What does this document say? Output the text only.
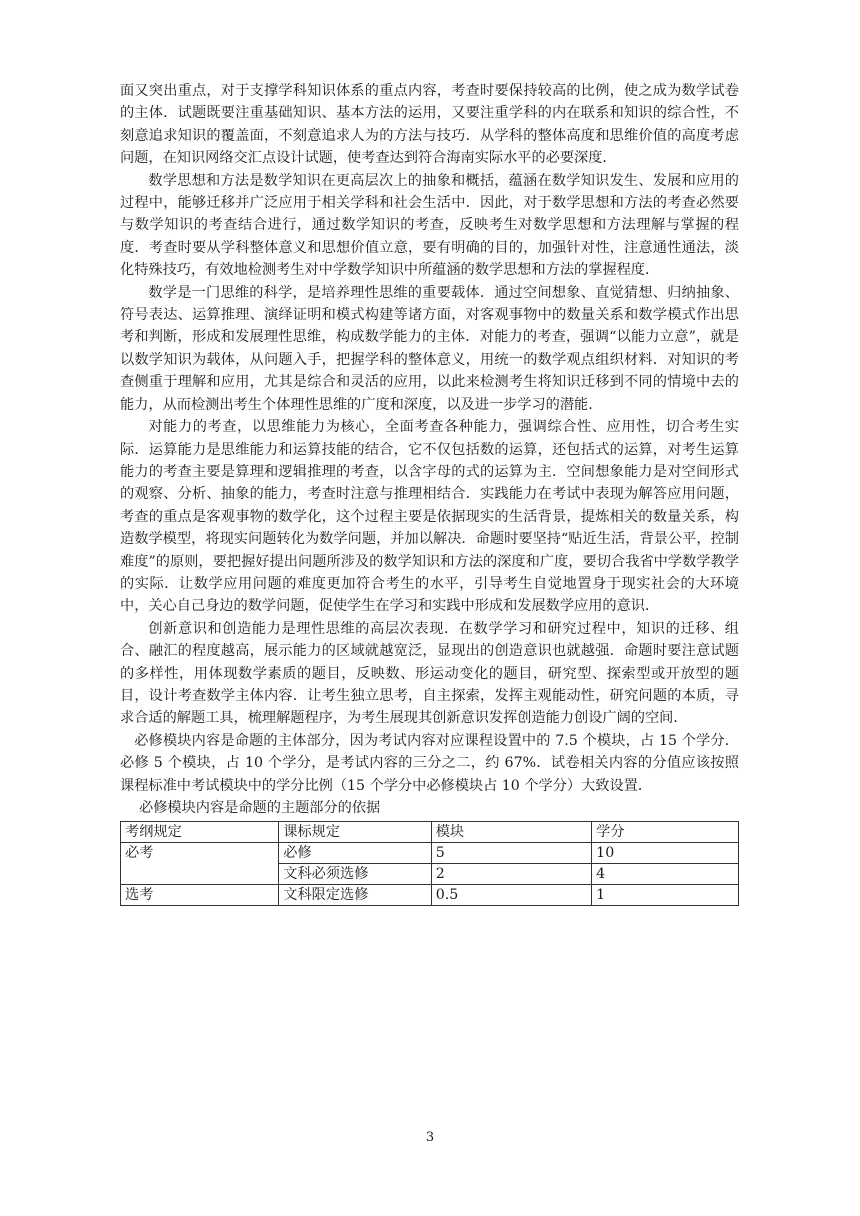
面又突出重点，对于支撑学科知识体系的重点内容，考查时要保持较高的比例，使之成为数学试卷的主体．试题既要注重基础知识、基本方法的运用，又要注重学科的内在联系和知识的综合性，不刻意追求知识的覆盖面，不刻意追求人为的方法与技巧．从学科的整体高度和思维价值的高度考虑问题，在知识网络交汇点设计试题，使考查达到符合海南实际水平的必要深度．

数学思想和方法是数学知识在更高层次上的抽象和概括，蕴涵在数学知识发生、发展和应用的过程中，能够迁移并广泛应用于相关学科和社会生活中．因此，对于数学思想和方法的考查必然要与数学知识的考查结合进行，通过数学知识的考查，反映考生对数学思想和方法理解与掌握的程度．考查时要从学科整体意义和思想价值立意，要有明确的目的，加强针对性，注意通性通法，淡化特殊技巧，有效地检测考生对中学数学知识中所蕴涵的数学思想和方法的掌握程度．

数学是一门思维的科学，是培养理性思维的重要载体．通过空间想象、直觉猜想、归纳抽象、符号表达、运算推理、演绎证明和模式构建等诸方面，对客观事物中的数量关系和数学模式作出思考和判断，形成和发展理性思维，构成数学能力的主体．对能力的考查，强调“以能力立意”，就是以数学知识为载体，从问题入手，把握学科的整体意义，用统一的数学观点组织材料．对知识的考查侧重于理解和应用，尤其是综合和灵活的应用，以此来检测考生将知识迁移到不同的情境中去的能力，从而检测出考生个体理性思维的广度和深度，以及进一步学习的潜能．

对能力的考查，以思维能力为核心，全面考查各种能力，强调综合性、应用性，切合考生实际．运算能力是思维能力和运算技能的结合，它不仅包括数的运算，还包括式的运算，对考生运算能力的考查主要是算理和逻辑推理的考查，以含字母的式的运算为主．空间想象能力是对空间形式的观察、分析、抽象的能力，考查时注意与推理相结合．实践能力在考试中表现为解答应用问题，考查的重点是客观事物的数学化，这个过程主要是依据现实的生活背景，提炼相关的数量关系，构造数学模型，将现实问题转化为数学问题，并加以解决．命题时要坚持“贴近生活，背景公平，控制难度”的原则，要把握好提出问题所涉及的数学知识和方法的深度和广度，要切合我省中学数学教学的实际．让数学应用问题的难度更加符合考生的水平，引导考生自觉地置身于现实社会的大环境中，关心自己身边的数学问题，促使学生在学习和实践中形成和发展数学应用的意识．

创新意识和创造能力是理性思维的高层次表现．在数学学习和研究过程中，知识的迁移、组合、融汇的程度越高，展示能力的区域就越宽泛，显现出的创造意识也就越强．命题时要注意试题的多样性，用体现数学素质的题目，反映数、形运动变化的题目，研究型、探索型或开放型的题目，设计考查数学主体内容．让考生独立思考，自主探索，发挥主观能动性，研究问题的本质，寻求合适的解题工具，梳理解题程序，为考生展现其创新意识发挥创造能力创设广阔的空间．

必修模块内容是命题的主体部分，因为考试内容对应课程设置中的 7.5 个模块，占 15 个学分．必修 5 个模块，占 10 个学分，是考试内容的三分之二，约 67%．试卷相关内容的分值应该按照课程标准中考试模块中的学分比例（15 个学分中必修模块占 10 个学分）大致设置．

必修模块内容是命题的主题部分的依据

考纲规定	课标规定	模块	学分
必考	必修	5	10
	文科必须选修	2	4
选考	文科限定选修	0.5	1
3
